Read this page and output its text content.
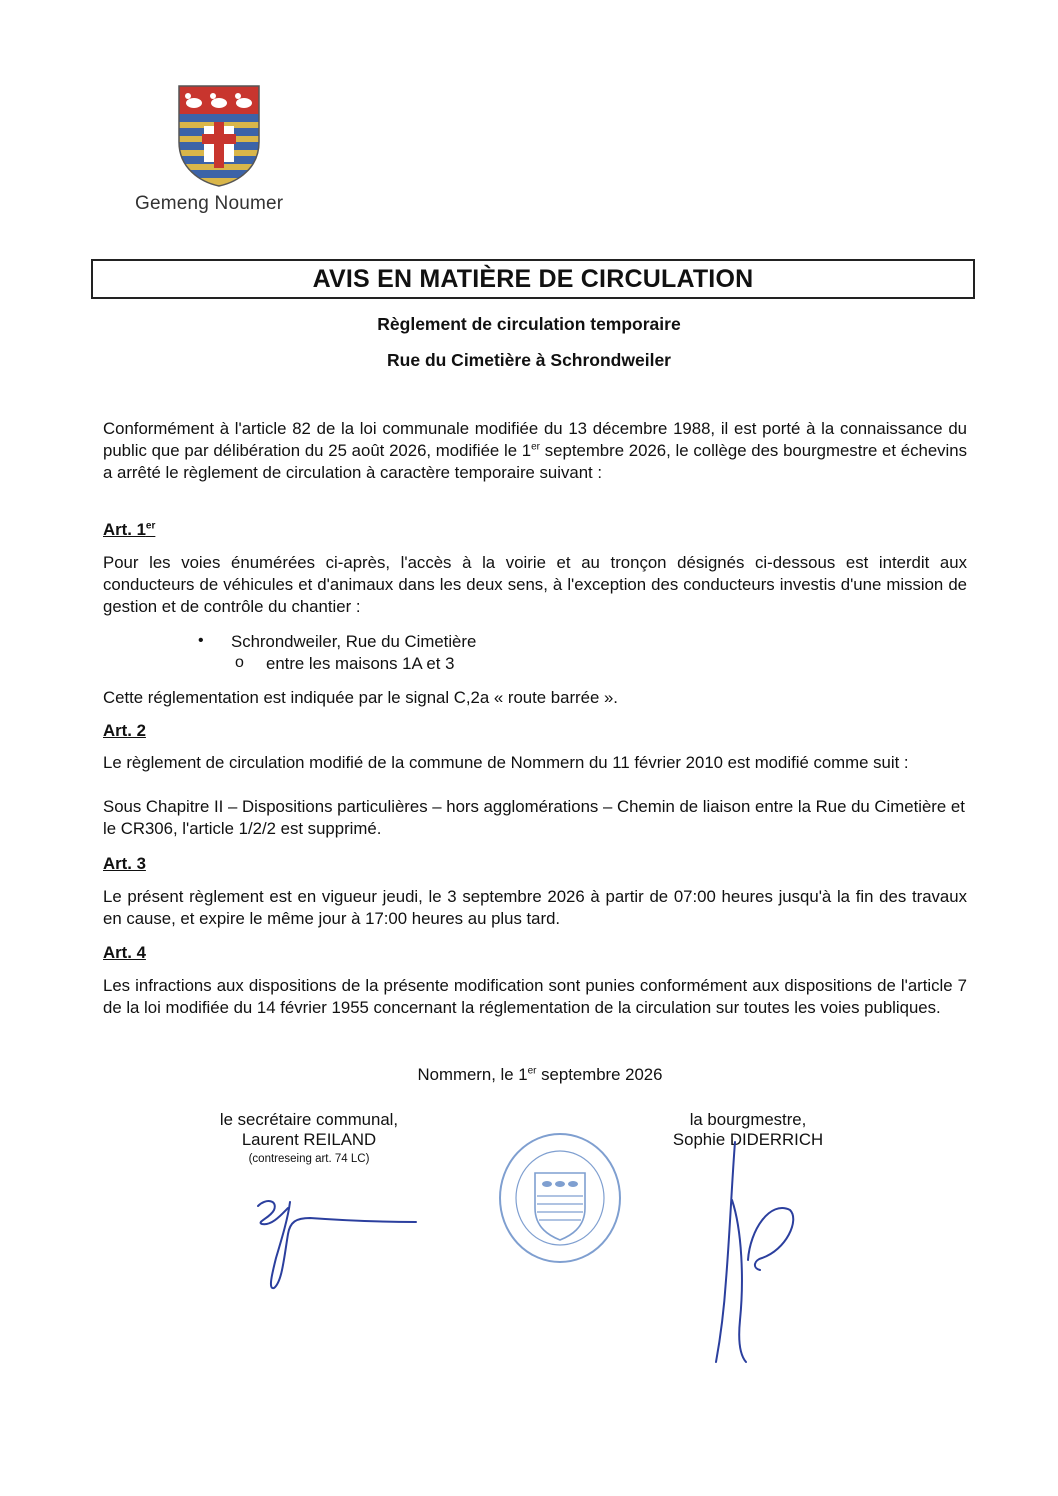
Gemeng Noumer
AVIS EN MATIÈRE DE CIRCULATION
Règlement de circulation temporaire
Rue du Cimetière à Schrondweiler
Conformément à l'article 82 de la loi communale modifiée du 13 décembre 1988, il est porté à la connaissance du public que par délibération du 25 août 2026, modifiée le 1er septembre 2026, le collège des bourgmestre et échevins a arrêté le règlement de circulation à caractère temporaire suivant :
Art. 1er
Pour les voies énumérées ci-après, l'accès à la voirie et au tronçon désignés ci-dessous est interdit aux conducteurs de véhicules et d'animaux dans les deux sens, à l'exception des conducteurs investis d'une mission de gestion et de contrôle du chantier :
• Schrondweiler, Rue du Cimetière
o entre les maisons 1A et 3
Cette réglementation est indiquée par le signal C,2a « route barrée ».
Art. 2
Le règlement de circulation modifié de la commune de Nommern du 11 février 2010 est modifié comme suit :
Sous Chapitre II – Dispositions particulières – hors agglomérations – Chemin de liaison entre la Rue du Cimetière et le CR306, l'article 1/2/2 est supprimé.
Art. 3
Le présent règlement est en vigueur jeudi, le 3 septembre 2026 à partir de 07:00 heures jusqu'à la fin des travaux en cause, et expire le même jour à 17:00 heures au plus tard.
Art. 4
Les infractions aux dispositions de la présente modification sont punies conformément aux dispositions de l'article 7 de la loi modifiée du 14 février 1955 concernant la réglementation de la circulation sur toutes les voies publiques.
Nommern, le 1er septembre 2026
le secrétaire communal,
Laurent REILAND
(contreseing art. 74 LC)
la bourgmestre,
Sophie DIDERRICH
